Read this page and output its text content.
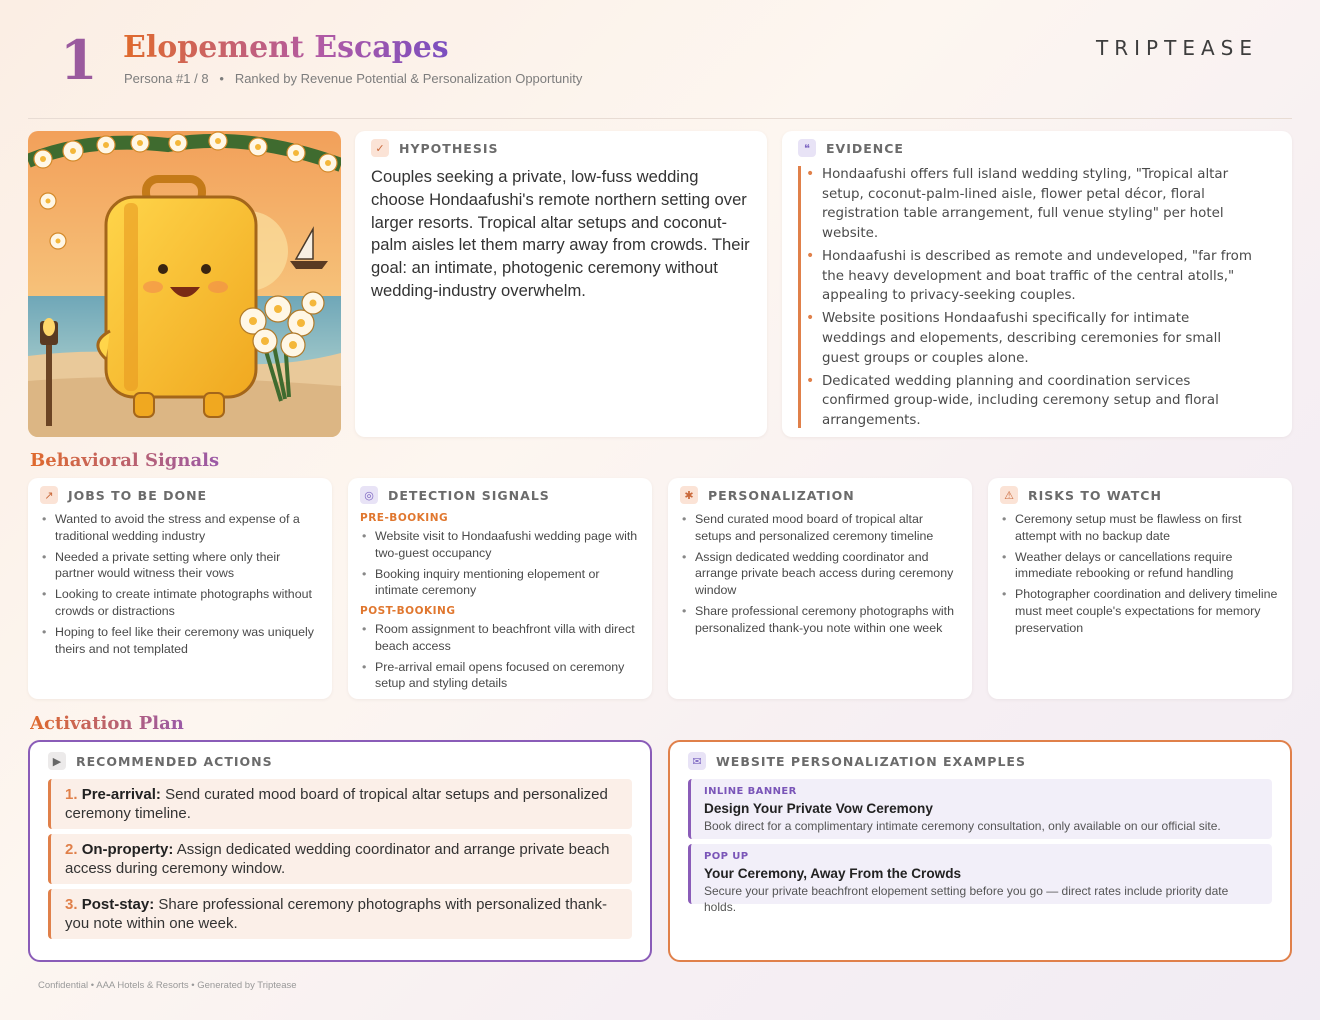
1 Elopement Escapes
Persona #1 / 8   •   Ranked by Revenue Potential & Personalization Opportunity
TRIPTEASE
✓	HYPOTHESIS
Couples seeking a private, low-fuss wedding choose Hondaafushi's remote northern setting over larger resorts. Tropical altar setups and coconut-palm aisles let them marry away from crowds. Their goal: an intimate, photogenic ceremony without wedding-industry overwhelm.
❝	EVIDENCE
• Hondaafushi offers full island wedding styling, "Tropical altar setup, coconut-palm-lined aisle, flower petal décor, floral registration table arrangement, full venue styling" per hotel website.
• Hondaafushi is described as remote and undeveloped, "far from the heavy development and boat traffic of the central atolls," appealing to privacy-seeking couples.
• Website positions Hondaafushi specifically for intimate weddings and elopements, describing ceremonies for small guest groups or couples alone.
• Dedicated wedding planning and coordination services confirmed group-wide, including ceremony setup and floral arrangements.
Behavioral Signals
↗	JOBS TO BE DONE
• Wanted to avoid the stress and expense of a traditional wedding industry
• Needed a private setting where only their partner would witness their vows
• Looking to create intimate photographs without crowds or distractions
• Hoping to feel like their ceremony was uniquely theirs and not templated
◎	DETECTION SIGNALS
PRE-BOOKING
• Website visit to Hondaafushi wedding page with two-guest occupancy
• Booking inquiry mentioning elopement or intimate ceremony
POST-BOOKING
• Room assignment to beachfront villa with direct beach access
• Pre-arrival email opens focused on ceremony setup and styling details
✱	PERSONALIZATION
• Send curated mood board of tropical altar setups and personalized ceremony timeline
• Assign dedicated wedding coordinator and arrange private beach access during ceremony window
• Share professional ceremony photographs with personalized thank-you note within one week
⚠	RISKS TO WATCH
• Ceremony setup must be flawless on first attempt with no backup date
• Weather delays or cancellations require immediate rebooking or refund handling
• Photographer coordination and delivery timeline must meet couple's expectations for memory preservation
Activation Plan
▶	RECOMMENDED ACTIONS
1. Pre-arrival: Send curated mood board of tropical altar setups and personalized ceremony timeline.
2. On-property: Assign dedicated wedding coordinator and arrange private beach access during ceremony window.
3. Post-stay: Share professional ceremony photographs with personalized thank-you note within one week.
✉	WEBSITE PERSONALIZATION EXAMPLES
INLINE BANNER
Design Your Private Vow Ceremony
Book direct for a complimentary intimate ceremony consultation, only available on our official site.
POP UP
Your Ceremony, Away From the Crowds
Secure your private beachfront elopement setting before you go — direct rates include priority date holds.
Confidential • AAA Hotels & Resorts • Generated by Triptease
